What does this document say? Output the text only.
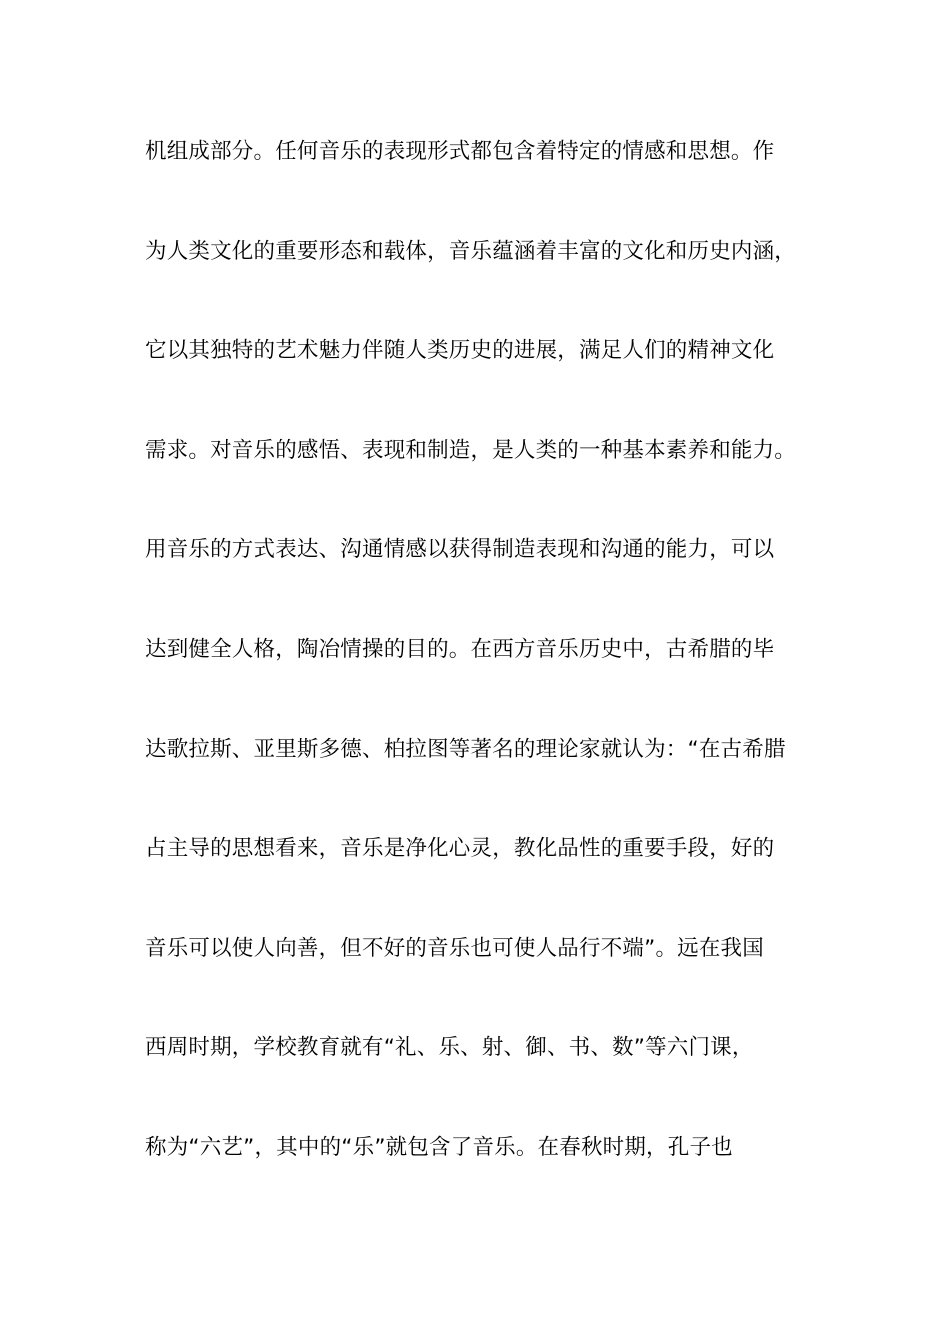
机组成部分。任何音乐的表现形式都包含着特定的情感和思想。作
为人类文化的重要形态和载体，音乐蕴涵着丰富的文化和历史内涵，
它以其独特的艺术魅力伴随人类历史的进展，满足人们的精神文化
需求。对音乐的感悟、表现和制造，是人类的一种基本素养和能力。
用音乐的方式表达、沟通情感以获得制造表现和沟通的能力，可以
达到健全人格，陶冶情操的目的。在西方音乐历史中，古希腊的毕
达歌拉斯、亚里斯多德、柏拉图等著名的理论家就认为：“在古希腊
占主导的思想看来，音乐是净化心灵，教化品性的重要手段，好的
音乐可以使人向善，但不好的音乐也可使人品行不端”。远在我国
西周时期，学校教育就有“礼、乐、射、御、书、数”等六门课，
称为“六艺”，其中的“乐”就包含了音乐。在春秋时期，孔子也
